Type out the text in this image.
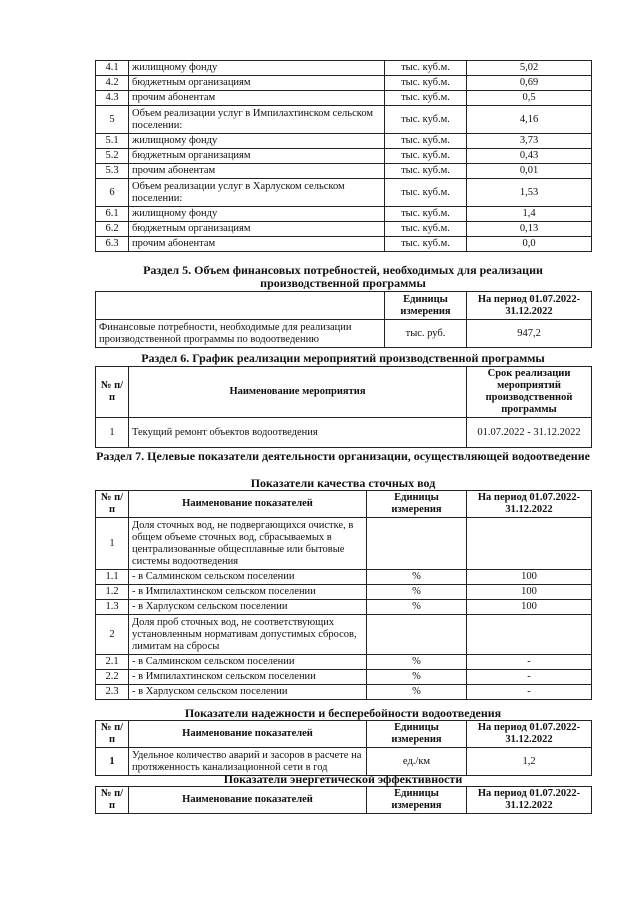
4.1	жилищному фонду	тыс. куб.м.	5,02
4.2	бюджетным организациям	тыс. куб.м.	0,69
4.3	прочим абонентам	тыс. куб.м.	0,5
5	Объем реализации услуг в Импилахтинском сельском поселении:	тыс. куб.м.	4,16
5.1	жилищному фонду	тыс. куб.м.	3,73
5.2	бюджетным организациям	тыс. куб.м.	0,43
5.3	прочим абонентам	тыс. куб.м.	0,01
6	Объем реализации услуг в Харлуском сельском поселении:	тыс. куб.м.	1,53
6.1	жилищному фонду	тыс. куб.м.	1,4
6.2	бюджетным организациям	тыс. куб.м.	0,13
6.3	прочим абонентам	тыс. куб.м.	0,0
Раздел 5. Объем финансовых потребностей, необходимых для реализации производственной программы
	Единицы измерения	На период 01.07.2022-31.12.2022
Финансовые потребности, необходимые для реализации производственной программы по водоотведению	тыс. руб.	947,2
Раздел 6. График реализации мероприятий производственной программы
№ п/п	Наименование мероприятия	Срок реализации мероприятий производственной программы
1	Текущий ремонт объектов водоотведения	01.07.2022 - 31.12.2022
Раздел 7. Целевые показатели деятельности организации, осуществляющей водоотведение
Показатели качества сточных вод
№ п/п	Наименование показателей	Единицы измерения	На период 01.07.2022-31.12.2022
1	Доля сточных вод, не подвергающихся очистке, в общем объеме сточных вод, сбрасываемых в централизованные общесплавные или бытовые системы водоотведения		
1.1	- в Салминском сельском поселении	%	100
1.2	- в Импилахтинском сельском поселении	%	100
1.3	- в Харлуском сельском поселении	%	100
2	Доля проб сточных вод, не соответствующих установленным нормативам допустимых сбросов, лимитам на сбросы		
2.1	- в Салминском сельском поселении	%	-
2.2	- в Импилахтинском сельском поселении	%	-
2.3	- в Харлуском сельском поселении	%	-
Показатели надежности и бесперебойности водоотведения
№ п/п	Наименование показателей	Единицы измерения	На период 01.07.2022-31.12.2022
1	Удельное количество аварий и засоров в расчете на протяженность канализационной сети в год	ед./км	1,2
Показатели энергетической эффективности
№ п/п	Наименование показателей	Единицы измерения	На период 01.07.2022-31.12.2022
